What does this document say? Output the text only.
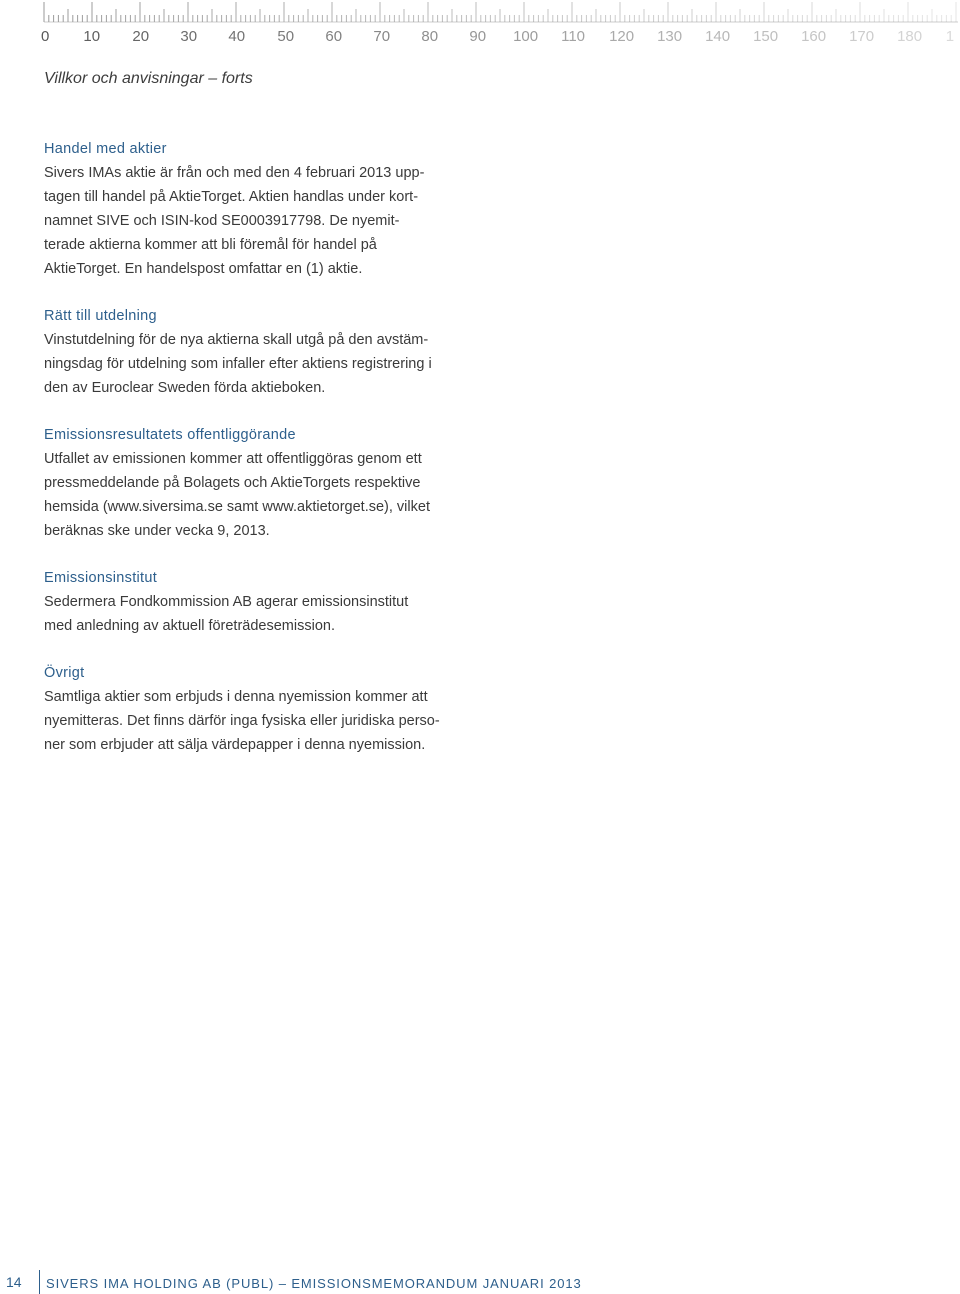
0 10 20 30 40 50 60 70 80 90 100 110 120 130 140 150 160 170 180 1
Villkor och anvisningar – forts
Handel med aktier
Sivers IMAs aktie är från och med den 4 februari 2013 upp-
tagen till handel på AktieTorget. Aktien handlas under kort-
namnet SIVE och ISIN-kod SE0003917798. De nyemit-
terade aktierna kommer att bli föremål för handel på
AktieTorget. En handelspost omfattar en (1) aktie.
Rätt till utdelning
Vinstutdelning för de nya aktierna skall utgå på den avstäm-
ningsdag för utdelning som infaller efter aktiens registrering i
den av Euroclear Sweden förda aktieboken.
Emissionsresultatets offentliggörande
Utfallet av emissionen kommer att offentliggöras genom ett
pressmeddelande på Bolagets och AktieTorgets respektive
hemsida (www.siversima.se samt www.aktietorget.se), vilket
beräknas ske under vecka 9, 2013.
Emissionsinstitut
Sedermera Fondkommission AB agerar emissionsinstitut
med anledning av aktuell företrädesemission.
Övrigt
Samtliga aktier som erbjuds i denna nyemission kommer att
nyemitteras. Det finns därför inga fysiska eller juridiska perso-
ner som erbjuder att sälja värdepapper i denna nyemission.
14 SIVERS IMA HOLDING AB (PUBL) – EMISSIONSMEMORANDUM JANUARI 2013
